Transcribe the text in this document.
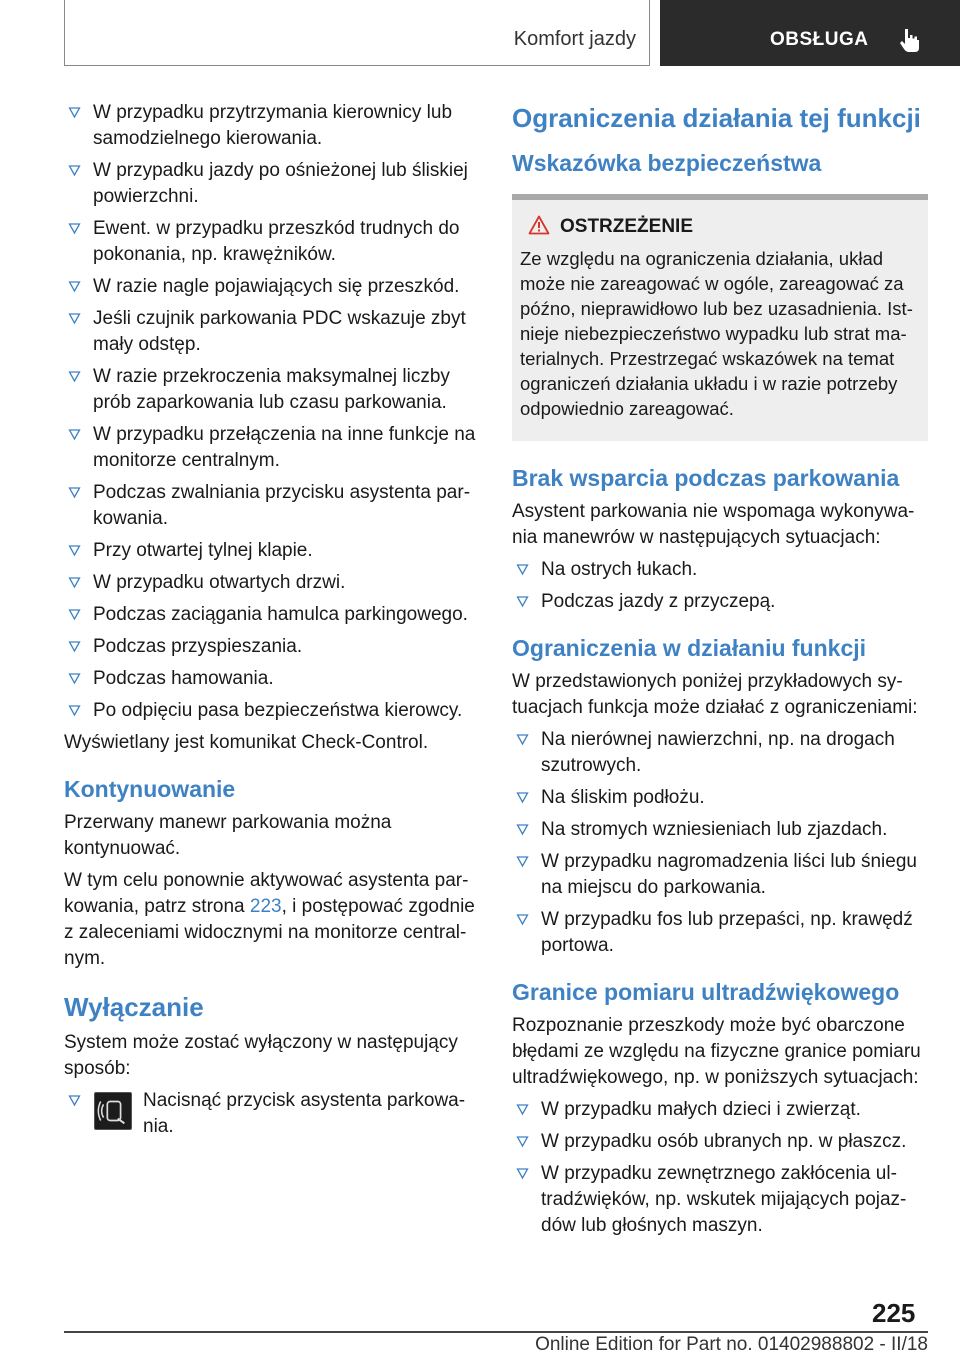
Komfort jazdy	OBSŁUGA
W przypadku przytrzymania kierownicy lub samodzielnego kierowania.
W przypadku jazdy po ośnieżonej lub śliskiej powierzchni.
Ewent. w przypadku przeszkód trudnych do pokonania, np. krawężników.
W razie nagle pojawiających się przeszkód.
Jeśli czujnik parkowania PDC wskazuje zbyt mały odstęp.
W razie przekroczenia maksymalnej liczby prób zaparkowania lub czasu parkowania.
W przypadku przełączenia na inne funkcje na monitorze centralnym.
Podczas zwalniania przycisku asystenta parkowania.
Przy otwartej tylnej klapie.
W przypadku otwartych drzwi.
Podczas zaciągania hamulca parkingowego.
Podczas przyspieszania.
Podczas hamowania.
Po odpięciu pasa bezpieczeństwa kierowcy.

Wyświetlany jest komunikat Check-Control.

Kontynuowanie

Przerwany manewr parkowania można kontynuować.

W tym celu ponownie aktywować asystenta parkowania, patrz strona 223, i postępować zgodnie z zaleceniami widocznymi na monitorze centralnym.

Wyłączanie

System może zostać wyłączony w następujący sposób:

Nacisnąć przycisk asystenta parkowania.
Ograniczenia działania tej funkcji
Wskazówka bezpieczeństwa
OSTRZEŻENIE

Ze względu na ograniczenia działania, układ może nie zareagować w ogóle, zareagować za późno, nieprawidłowo lub bez uzasadnienia. Istnieje niebezpieczeństwo wypadku lub strat materialnych. Przestrzegać wskazówek na temat ograniczeń działania układu i w razie potrzeby odpowiednio zareagować.

Brak wsparcia podczas parkowania

Asystent parkowania nie wspomaga wykonywania manewrów w następujących sytuacjach:

Na ostrych łukach.
Podczas jazdy z przyczepą.
Ograniczenia w działaniu funkcji

W przedstawionych poniżej przykładowych sytuacjach funkcja może działać z ograniczeniami:

Na nierównej nawierzchni, np. na drogach szutrowych.
Na śliskim podłożu.
Na stromych wzniesieniach lub zjazdach.
W przypadku nagromadzenia liści lub śniegu na miejscu do parkowania.
W przypadku fos lub przepaści, np. krawędź portowa.
Granice pomiaru ultradźwiękowego

Rozpoznanie przeszkody może być obarczone błędami ze względu na fizyczne granice pomiaru ultradźwiękowego, np. w poniższych sytuacjach:

W przypadku małych dzieci i zwierząt.
W przypadku osób ubranych np. w płaszcz.
W przypadku zewnętrznego zakłócenia ultradźwięków, np. wskutek mijających pojazdów lub głośnych maszyn.
225
Online Edition for Part no. 01402988802 - II/18
